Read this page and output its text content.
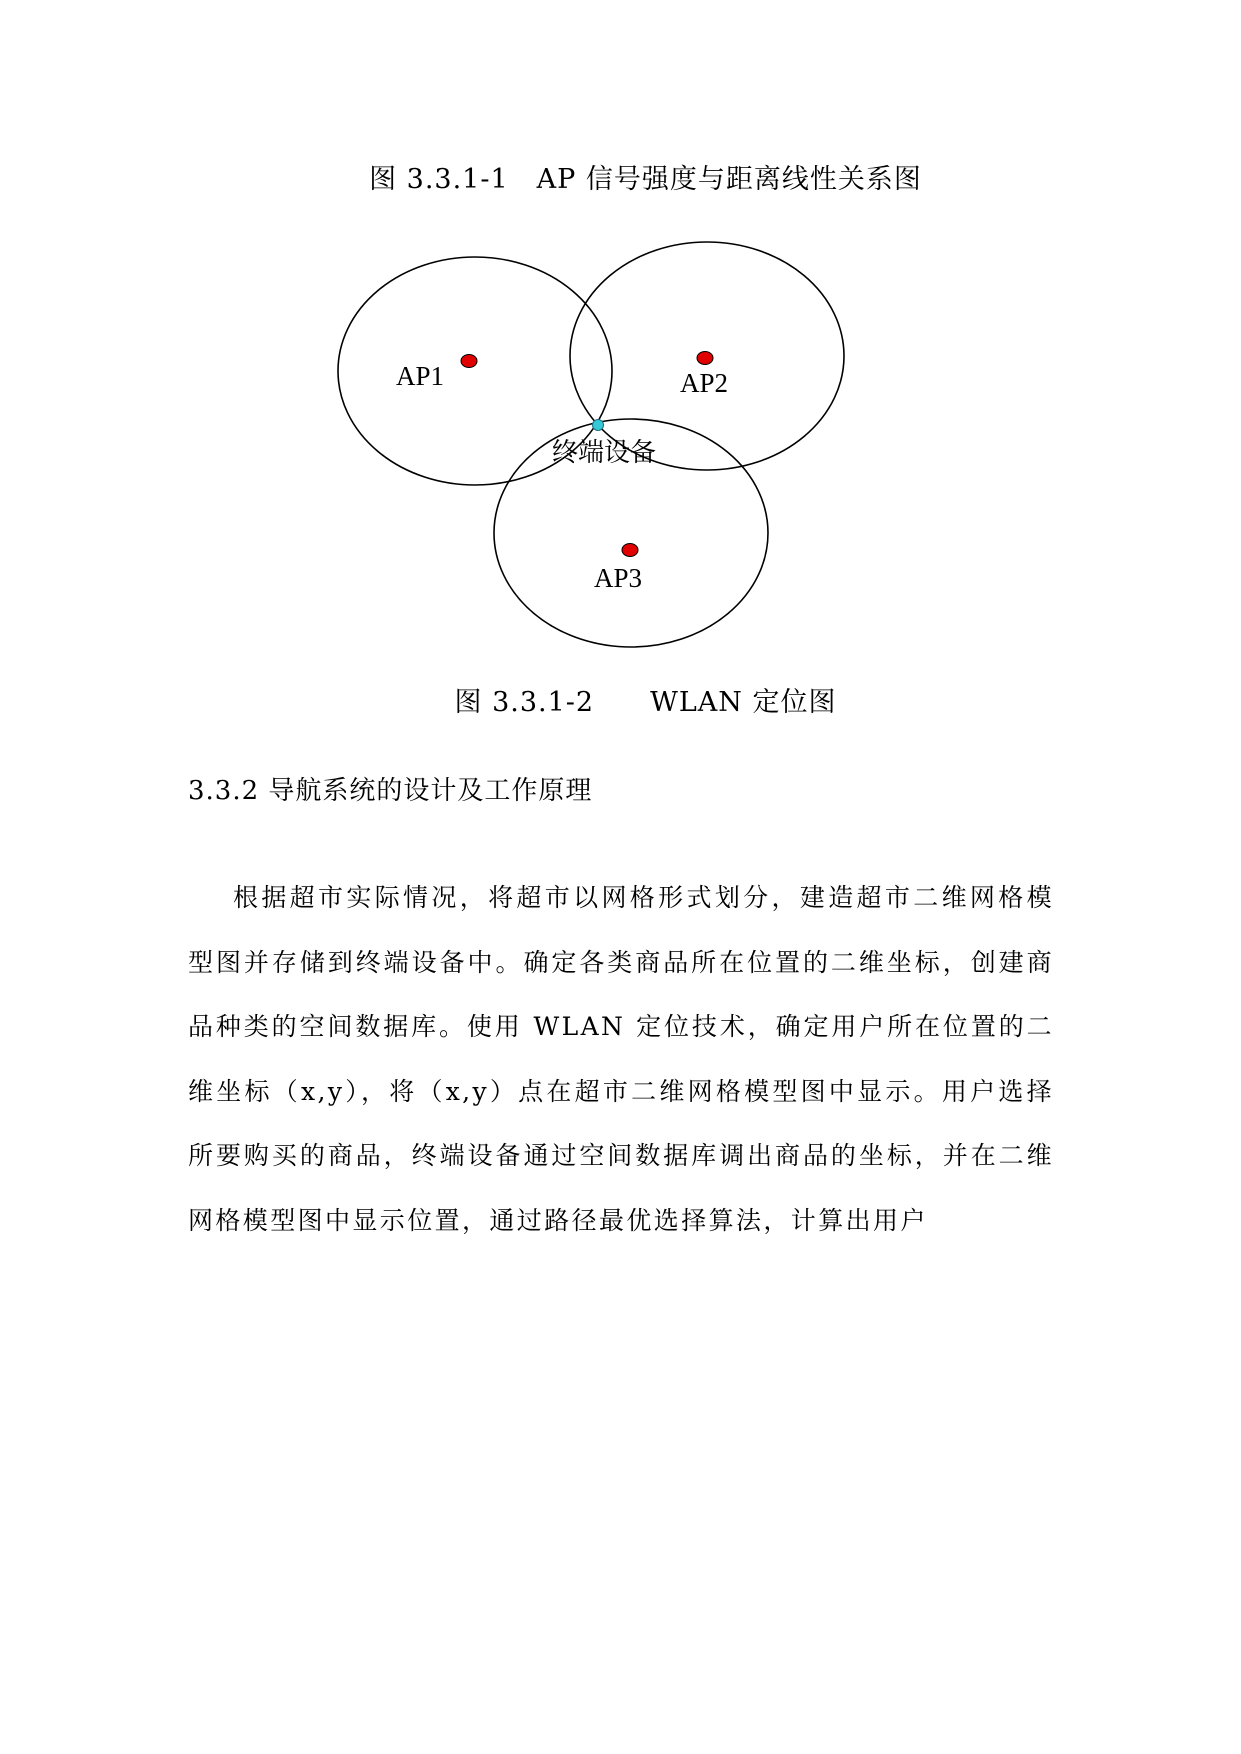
图 3.3.1-1　AP 信号强度与距离线性关系图
AP1	AP2
AP3
终端设备
图 3.3.1-2　　WLAN 定位图
3.3.2 导航系统的设计及工作原理
根据超市实际情况，将超市以网格形式划分，建造超市二维网格模型图并存储到终端设备中。确定各类商品所在位置的二维坐标，创建商品种类的空间数据库。使用 WLAN 定位技术，确定用户所在位置的二维坐标（x,y），将（x,y）点在超市二维网格模型图中显示。用户选择所要购买的商品，终端设备通过空间数据库调出商品的坐标，并在二维网格模型图中显示位置，通过路径最优选择算法，计算出用户
